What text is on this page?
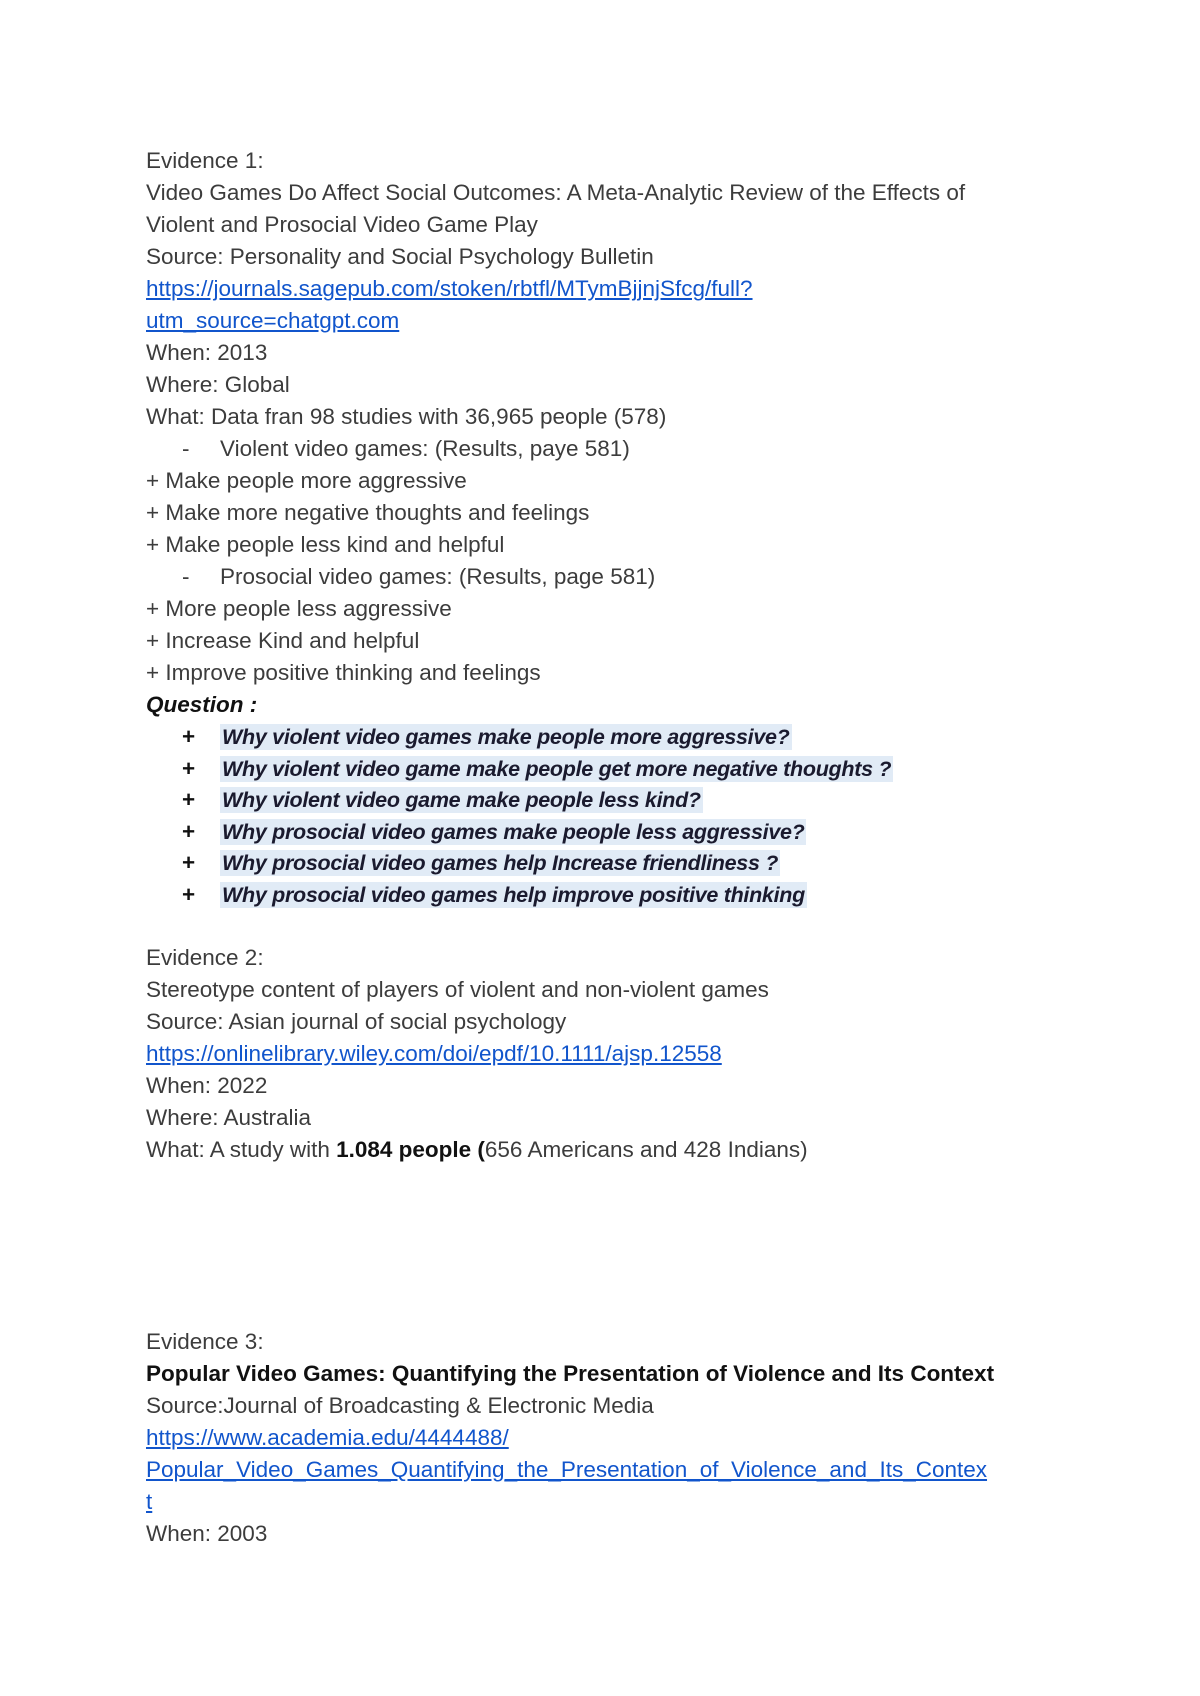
Evidence 1:
Video Games Do Affect Social Outcomes: A Meta-Analytic Review of the Effects of
Violent and Prosocial Video Game Play
Source: Personality and Social Psychology Bulletin
https://journals.sagepub.com/stoken/rbtfl/MTymBjjnjSfcg/full?
utm_source=chatgpt.com
When: 2013
Where: Global
What: Data fran 98 studies with 36,965 people (578)
- Violent video games: (Results, paye 581)
+ Make people more aggressive
+ Make more negative thoughts and feelings
+ Make people less kind and helpful
- Prosocial video games: (Results, page 581)
+ More people less aggressive
+ Increase Kind and helpful
+ Improve positive thinking and feelings
Question :
+ Why violent video games make people more aggressive?
+ Why violent video game make people get more negative thoughts ?
+ Why violent video game make people less kind?
+ Why prosocial video games make people less aggressive?
+ Why prosocial video games help Increase friendliness ?
+ Why prosocial video games help improve positive thinking
Evidence 2:
Stereotype content of players of violent and non-violent games
Source: Asian journal of social psychology
https://onlinelibrary.wiley.com/doi/epdf/10.1111/ajsp.12558
When: 2022
Where: Australia
What: A study with 1.084 people (656 Americans and 428 Indians)
Evidence 3:
Popular Video Games: Quantifying the Presentation of Violence and Its Context
Source:Journal of Broadcasting & Electronic Media
https://www.academia.edu/4444488/
Popular_Video_Games_Quantifying_the_Presentation_of_Violence_and_Its_Contex
t
When: 2003
